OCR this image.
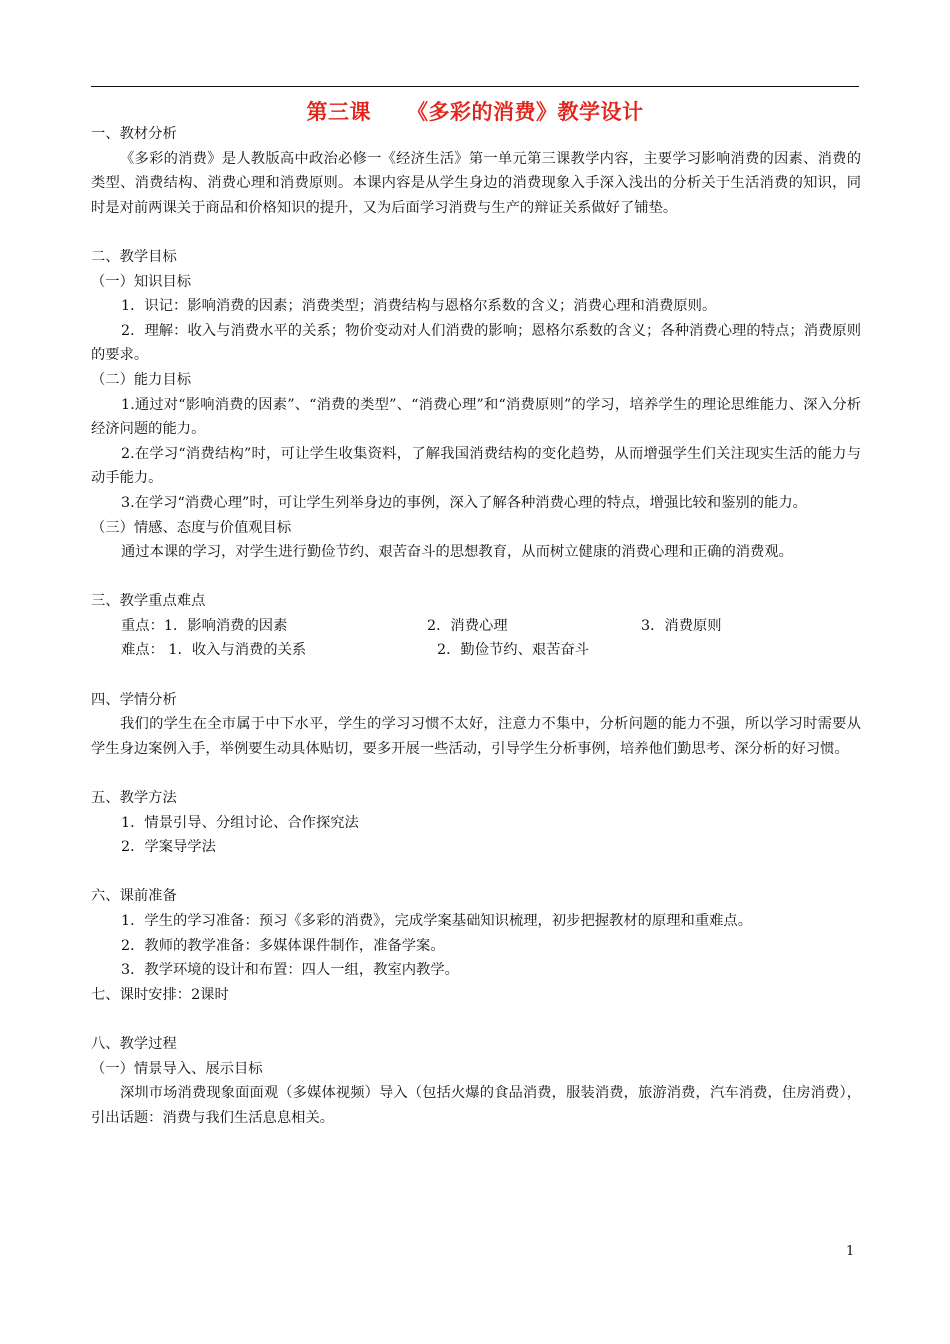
第三课 《多彩的消费》教学设计

一、教材分析

《多彩的消费》是人教版高中政治必修一《经济生活》第一单元第三课教学内容，主要学习影响消费的因素、消费的类型、消费结构、消费心理和消费原则。本课内容是从学生身边的消费现象入手深入浅出的分析关于生活消费的知识，同时是对前两课关于商品和价格知识的提升，又为后面学习消费与生产的辩证关系做好了铺垫。

二、教学目标

（一）知识目标

1．识记：影响消费的因素；消费类型；消费结构与恩格尔系数的含义；消费心理和消费原则。

2．理解：收入与消费水平的关系；物价变动对人们消费的影响；恩格尔系数的含义；各种消费心理的特点；消费原则的要求。

（二）能力目标

1.通过对“影响消费的因素”、“消费的类型”、“消费心理”和“消费原则”的学习，培养学生的理论思维能力、深入分析经济问题的能力。

2.在学习“消费结构”时，可让学生收集资料，了解我国消费结构的变化趋势，从而增强学生们关注现实生活的能力与动手能力。

3.在学习“消费心理”时，可让学生列举身边的事例，深入了解各种消费心理的特点，增强比较和鉴别的能力。

（三）情感、态度与价值观目标

通过本课的学习，对学生进行勤俭节约、艰苦奋斗的思想教育，从而树立健康的消费心理和正确的消费观。

三、教学重点难点

重点：1．影响消费的因素	2．消费心理	3．消费原则

难点： 1．收入与消费的关系	2．勤俭节约、艰苦奋斗

四、学情分析

我们的学生在全市属于中下水平，学生的学习习惯不太好，注意力不集中，分析问题的能力不强，所以学习时需要从学生身边案例入手，举例要生动具体贴切，要多开展一些活动，引导学生分析事例，培养他们勤思考、深分析的好习惯。

五、教学方法

1．情景引导、分组讨论、合作探究法

2．学案导学法

六、课前准备

1．学生的学习准备：预习《多彩的消费》，完成学案基础知识梳理，初步把握教材的原理和重难点。

2．教师的教学准备：多媒体课件制作，准备学案。

3．教学环境的设计和布置：四人一组，教室内教学。

七、课时安排：2课时

八、教学过程

（一）情景导入、展示目标

深圳市场消费现象面面观（多媒体视频）导入（包括火爆的食品消费，服装消费，旅游消费，汽车消费，住房消费），引出话题：消费与我们生活息息相关。

1
